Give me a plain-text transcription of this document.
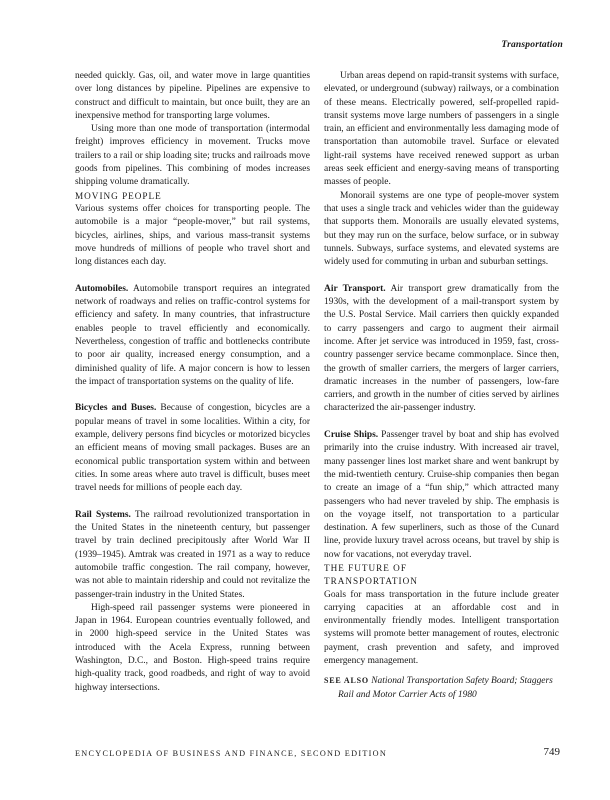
Transportation

needed quickly. Gas, oil, and water move in large quantities over long distances by pipeline. Pipelines are expensive to construct and difficult to maintain, but once built, they are an inexpensive method for transporting large volumes.

Using more than one mode of transportation (intermodal freight) improves efficiency in movement. Trucks move trailers to a rail or ship loading site; trucks and railroads move goods from pipelines. This combining of modes increases shipping volume dramatically.

MOVING PEOPLE

Various systems offer choices for transporting people. The automobile is a major “people-mover,” but rail systems, bicycles, airlines, ships, and various mass-transit systems move hundreds of millions of people who travel short and long distances each day.

Automobiles. Automobile transport requires an integrated network of roadways and relies on traffic-control systems for efficiency and safety. In many countries, that infrastructure enables people to travel efficiently and economically. Nevertheless, congestion of traffic and bottlenecks contribute to poor air quality, increased energy consumption, and a diminished quality of life. A major concern is how to lessen the impact of transportation systems on the quality of life.

Bicycles and Buses. Because of congestion, bicycles are a popular means of travel in some localities. Within a city, for example, delivery persons find bicycles or motorized bicycles an efficient means of moving small packages. Buses are an economical public transportation system within and between cities. In some areas where auto travel is difficult, buses meet travel needs for millions of people each day.

Rail Systems. The railroad revolutionized transportation in the United States in the nineteenth century, but passenger travel by train declined precipitously after World War II (1939–1945). Amtrak was created in 1971 as a way to reduce automobile traffic congestion. The rail company, however, was not able to maintain ridership and could not revitalize the passenger-train industry in the United States.

High-speed rail passenger systems were pioneered in Japan in 1964. European countries eventually followed, and in 2000 high-speed service in the United States was introduced with the Acela Express, running between Washington, D.C., and Boston. High-speed trains require high-quality track, good roadbeds, and right of way to avoid highway intersections.

Urban areas depend on rapid-transit systems with surface, elevated, or underground (subway) railways, or a combination of these means. Electrically powered, self-propelled rapid-transit systems move large numbers of passengers in a single train, an efficient and environmentally less damaging mode of transportation than automobile travel. Surface or elevated light-rail systems have received renewed support as urban areas seek efficient and energy-saving means of transporting masses of people.

Monorail systems are one type of people-mover system that uses a single track and vehicles wider than the guideway that supports them. Monorails are usually elevated systems, but they may run on the surface, below surface, or in subway tunnels. Subways, surface systems, and elevated systems are widely used for commuting in urban and suburban settings.

Air Transport. Air transport grew dramatically from the 1930s, with the development of a mail-transport system by the U.S. Postal Service. Mail carriers then quickly expanded to carry passengers and cargo to augment their airmail income. After jet service was introduced in 1959, fast, cross-country passenger service became commonplace. Since then, the growth of smaller carriers, the mergers of larger carriers, dramatic increases in the number of passengers, low-fare carriers, and growth in the number of cities served by airlines characterized the air-passenger industry.

Cruise Ships. Passenger travel by boat and ship has evolved primarily into the cruise industry. With increased air travel, many passenger lines lost market share and went bankrupt by the mid-twentieth century. Cruise-ship companies then began to create an image of a “fun ship,” which attracted many passengers who had never traveled by ship. The emphasis is on the voyage itself, not transportation to a particular destination. A few superliners, such as those of the Cunard line, provide luxury travel across oceans, but travel by ship is now for vacations, not everyday travel.

THE FUTURE OF
TRANSPORTATION

Goals for mass transportation in the future include greater carrying capacities at an affordable cost and in environmentally friendly modes. Intelligent transportation systems will promote better management of routes, electronic payment, crash prevention and safety, and improved emergency management.

SEE ALSO National Transportation Safety Board; Staggers Rail and Motor Carrier Acts of 1980

ENCYCLOPEDIA OF BUSINESS AND FINANCE, SECOND EDITION	749
